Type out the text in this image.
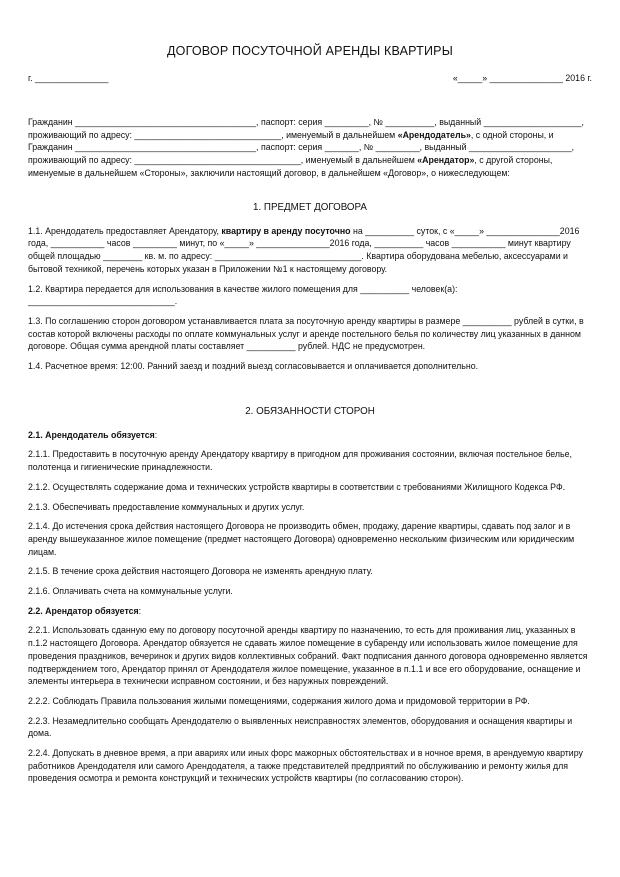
ДОГОВОР ПОСУТОЧНОЙ АРЕНДЫ КВАРТИРЫ
г. _______________	«_____» _______________ 2016 г.

Гражданин _____________________________________, паспорт: серия _________, № __________, выданный ____________________, проживающий по адресу: ______________________________, именуемый в дальнейшем «Арендодатель», с одной стороны, и Гражданин _____________________________________, паспорт: серия _______, № _________, выданный _____________________, проживающий по адресу: __________________________________, именуемый в дальнейшем «Арендатор», с другой стороны, именуемые в дальнейшем «Стороны», заключили настоящий договор, в дальнейшем «Договор», о нижеследующем:

1. ПРЕДМЕТ ДОГОВОРА

1.1. Арендодатель предоставляет Арендатору, квартиру в аренду посуточно на __________ суток, с «_____» _______________2016 года, ___________ часов _________ минут, по «_____» _______________2016 года, __________ часов ___________ минут квартиру общей площадью ________ кв. м. по адресу: ______________________________. Квартира оборудована мебелью, аксессуарами и бытовой техникой, перечень которых указан в Приложении №1 к настоящему договору.

1.2. Квартира передается для использования в качестве жилого помещения для __________ человек(а): ______________________________.

1.3. По соглашению сторон договором устанавливается плата за посуточную аренду квартиры в размере __________ рублей в сутки, в состав которой включены расходы по оплате коммунальных услуг и аренде постельного белья по количеству лиц указанных в данном договоре. Общая сумма арендной платы составляет __________ рублей. НДС не предусмотрен.

1.4. Расчетное время: 12:00. Ранний заезд и поздний выезд согласовывается и оплачивается дополнительно.

2. ОБЯЗАННОСТИ СТОРОН

2.1. Арендодатель обязуется:

2.1.1. Предоставить в посуточную аренду Арендатору квартиру в пригодном для проживания состоянии, включая постельное белье, полотенца и гигиенические принадлежности.

2.1.2. Осуществлять содержание дома и технических устройств квартиры в соответствии с требованиями Жилищного Кодекса РФ.

2.1.3. Обеспечивать предоставление коммунальных и других услуг.

2.1.4. До истечения срока действия настоящего Договора не производить обмен, продажу, дарение квартиры, сдавать под залог и в аренду вышеуказанное жилое помещение (предмет настоящего Договора) одновременно нескольким физическим или юридическим лицам.

2.1.5. В течение срока действия настоящего Договора не изменять арендную плату.

2.1.6. Оплачивать счета на коммунальные услуги.

2.2. Арендатор обязуется:

2.2.1. Использовать сданную ему по договору посуточной аренды квартиру по назначению, то есть для проживания лиц, указанных в п.1.2 настоящего Договора. Арендатор обязуется не сдавать жилое помещение в субаренду или использовать жилое помещение для проведения праздников, вечеринок и других видов коллективных собраний. Факт подписания данного договора одновременно является подтверждением того, Арендатор принял от Арендодателя жилое помещение, указанное в п.1.1 и все его оборудование, оснащение и элементы интерьера в технически исправном состоянии, и без наружных повреждений.

2.2.2. Соблюдать Правила пользования жилыми помещениями, содержания жилого дома и придомовой территории в РФ.

2.2.3. Незамедлительно сообщать Арендодателю о выявленных неисправностях элементов, оборудования и оснащения квартиры и дома.

2.2.4. Допускать в дневное время, а при авариях или иных форс мажорных обстоятельствах и в ночное время, в арендуемую квартиру работников Арендодателя или самого Арендодателя, а также представителей предприятий по обслуживанию и ремонту жилья для проведения осмотра и ремонта конструкций и технических устройств квартиры (по согласованию сторон).
